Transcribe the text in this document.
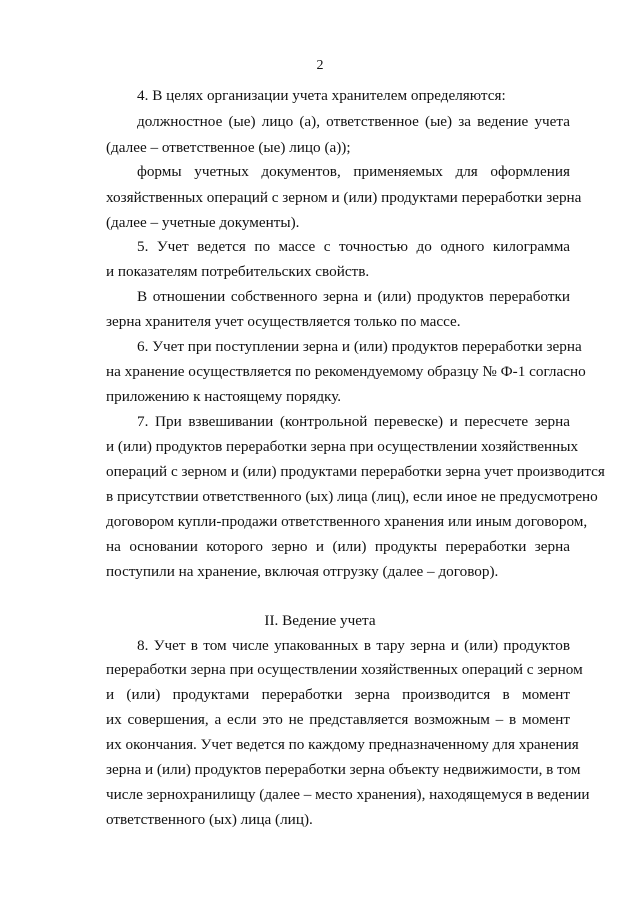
2
4. В целях организации учета хранителем определяются:
должностное (ые) лицо (а), ответственное (ые) за ведение учета
(далее – ответственное (ые) лицо (а));
формы учетных документов, применяемых для оформления
хозяйственных операций с зерном и (или) продуктами переработки зерна
(далее – учетные документы).
5. Учет ведется по массе с точностью до одного килограмма
и показателям потребительских свойств.
В отношении собственного зерна и (или) продуктов переработки
зерна хранителя учет осуществляется только по массе.
6. Учет при поступлении зерна и (или) продуктов переработки зерна
на хранение осуществляется по рекомендуемому образцу № Ф-1 согласно
приложению к настоящему порядку.
7. При взвешивании (контрольной перевеске) и пересчете зерна
и (или) продуктов переработки зерна при осуществлении хозяйственных
операций с зерном и (или) продуктами переработки зерна учет производится
в присутствии ответственного (ых) лица (лиц), если иное не предусмотрено
договором купли-продажи ответственного хранения или иным договором,
на основании которого зерно и (или) продукты переработки зерна
поступили на хранение, включая отгрузку (далее – договор).
II. Ведение учета
8. Учет в том числе упакованных в тару зерна и (или) продуктов
переработки зерна при осуществлении хозяйственных операций с зерном
и (или) продуктами переработки зерна производится в момент
их совершения, а если это не представляется возможным – в момент
их окончания. Учет ведется по каждому предназначенному для хранения
зерна и (или) продуктов переработки зерна объекту недвижимости, в том
числе зернохранилищу (далее – место хранения), находящемуся в ведении
ответственного (ых) лица (лиц).
